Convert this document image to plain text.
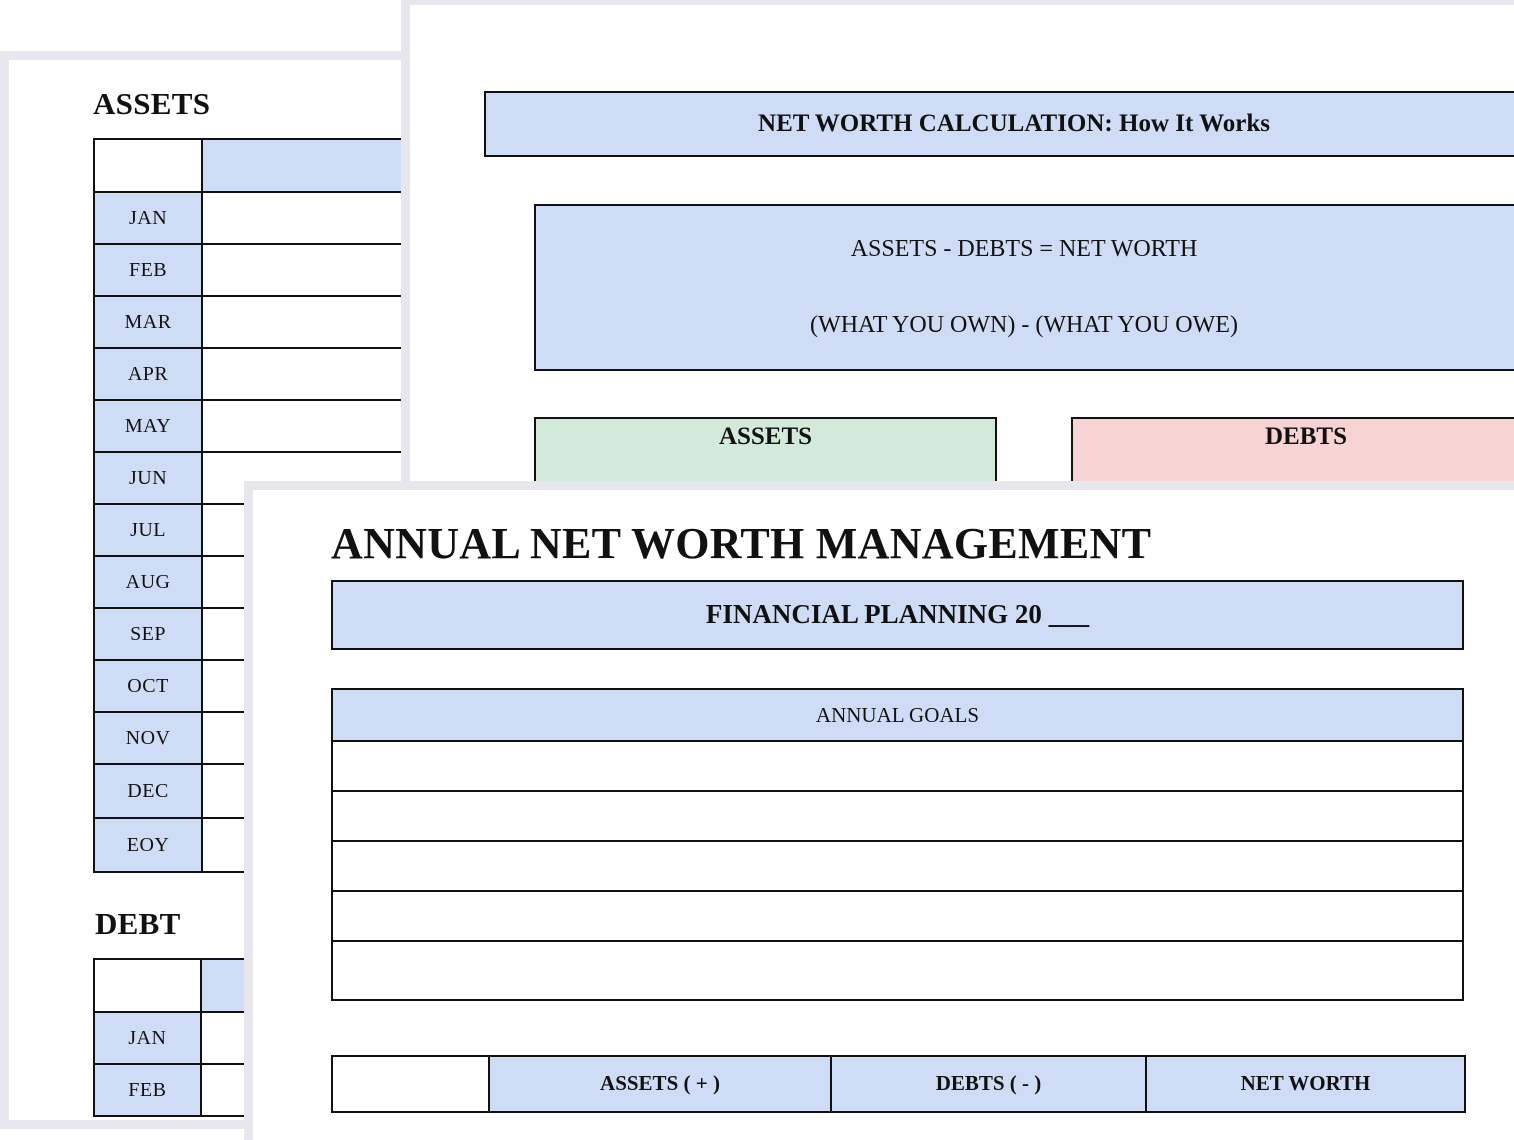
ASSETS

JAN	
FEB	
MAR	
APR	
MAY	
JUN	
JUL	
AUG	
SEP	
OCT	
NOV	
DEC	
EOY	
DEBT

JAN	
FEB	
NET WORTH CALCULATION: How It Works
ASSETS - DEBTS = NET WORTH
(WHAT YOU OWN) - (WHAT YOU OWE)
ASSETS	DEBTS
ANNUAL NET WORTH MANAGEMENT
FINANCIAL PLANNING 20 ___
ANNUAL GOALS

	ASSETS ( + )	DEBTS ( - )	NET WORTH
